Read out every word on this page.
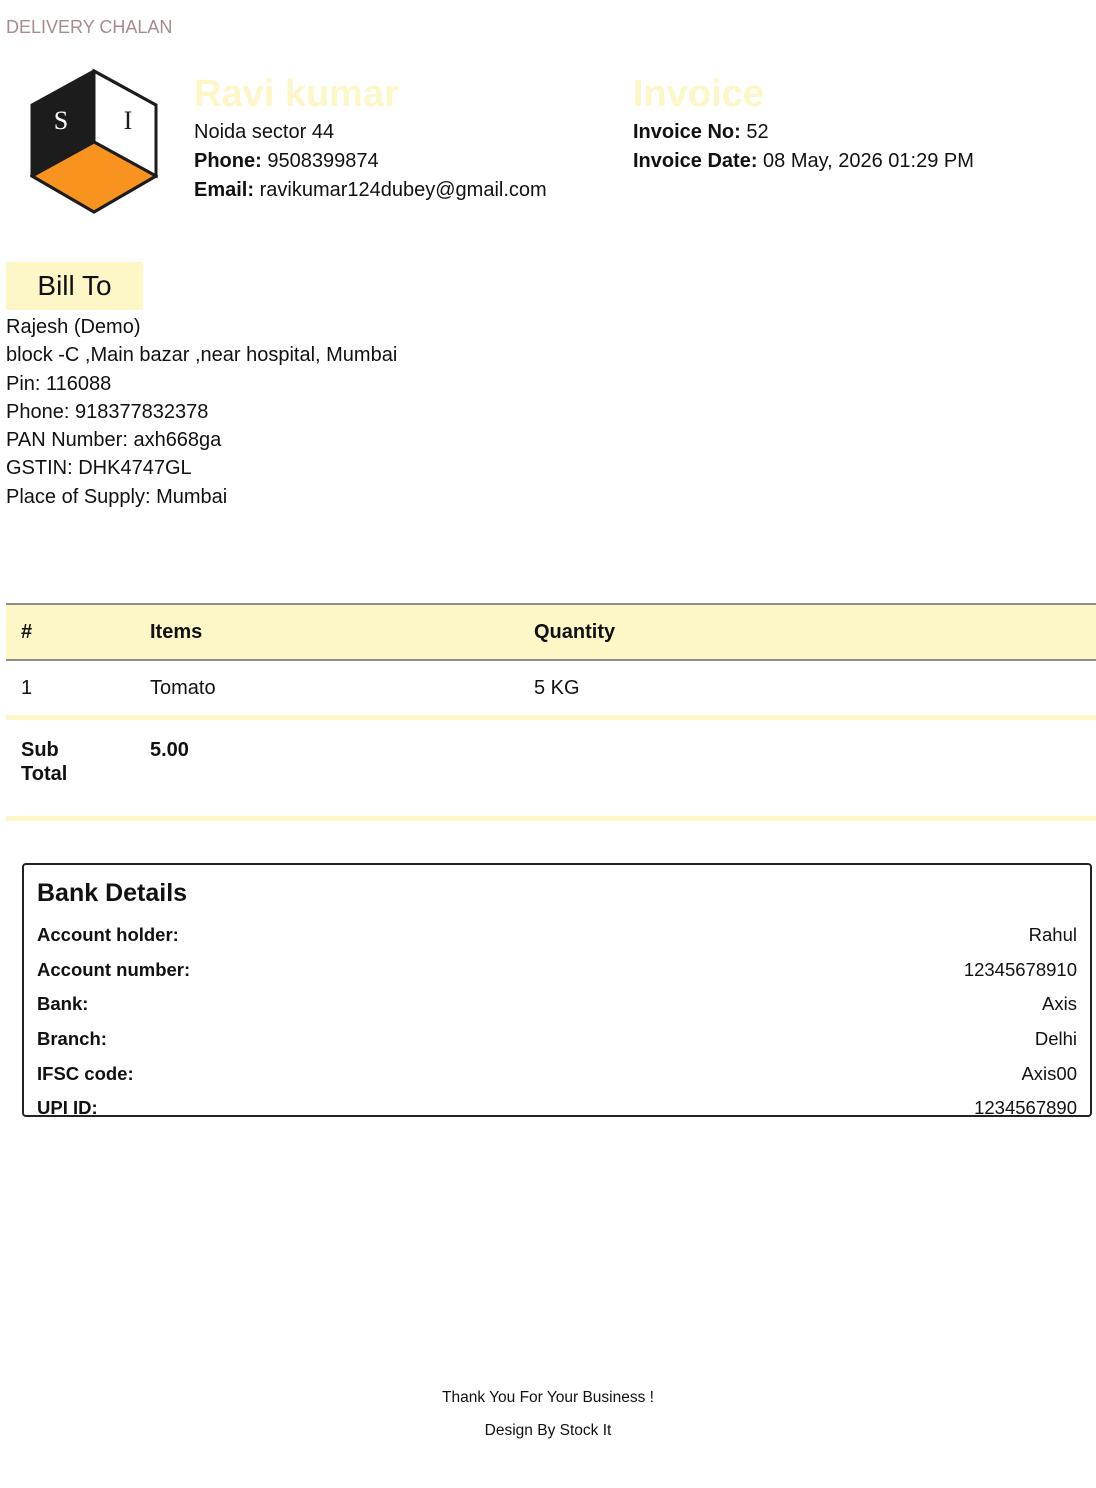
DELIVERY CHALAN
S I
Ravi kumar
Noida sector 44
Phone: 9508399874
Email: ravikumar124dubey@gmail.com
Invoice
Invoice No: 52
Invoice Date: 08 May, 2026 01:29 PM
Bill To
Rajesh (Demo)
block -C ,Main bazar ,near hospital, Mumbai
Pin: 116088
Phone: 918377832378
PAN Number: axh668ga
GSTIN: DHK4747GL
Place of Supply: Mumbai
#	Items	Quantity
1	Tomato	5 KG

Sub
Total	5.00	
Bank Details
Account holder:	Rahul
Account number:	12345678910
Bank:	Axis
Branch:	Delhi
IFSC code:	Axis00
UPI ID:	1234567890
Thank You For Your Business !
Design By Stock It
